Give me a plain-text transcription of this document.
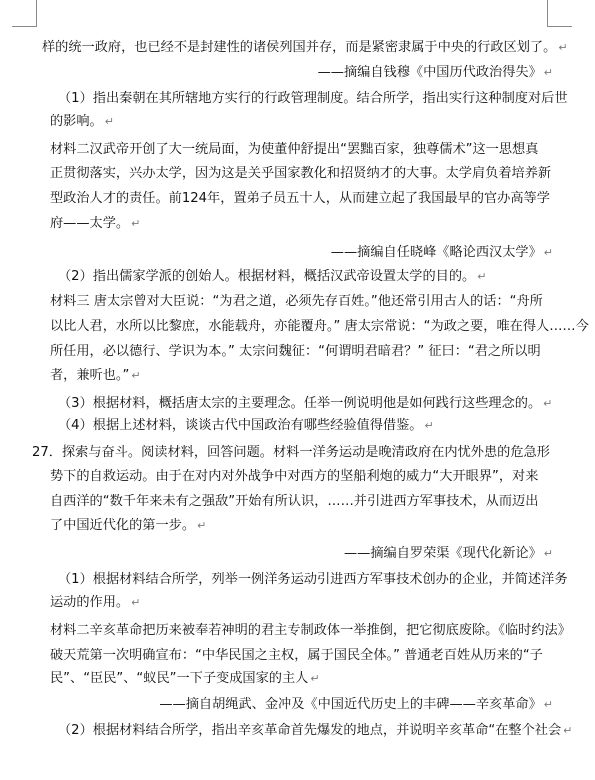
样的统一政府，也已经不是封建性的诸侯列国并存，而是紧密隶属于中央的行政区划了。 ↵
——摘编自钱穆《中国历代政治得失》 ↵
（1）指出秦朝在其所辖地方实行的行政管理制度。结合所学，指出实行这种制度对后世
的影响。 ↵
材料二汉武帝开创了大一统局面，为使董仲舒提出“罢黜百家，独尊儒术”这一思想真
正贯彻落实，兴办太学，因为这是关乎国家教化和招贤纳才的大事。太学肩负着培养新
型政治人才的责任。前124年，置弟子员五十人，从而建立起了我国最早的官办高等学
府——太学。 ↵
——摘编自任晓峰《略论西汉太学》 ↵
（2）指出儒家学派的创始人。根据材料，概括汉武帝设置太学的目的。 ↵
材料三 唐太宗曾对大臣说：“为君之道，必须先存百姓。”他还常引用古人的话：“舟所
以比人君，水所以比黎庶，水能载舟，亦能覆舟。” 唐太宗常说：“为政之要，唯在得人……今
所任用，必以德行、学识为本。” 太宗问魏征：“何谓明君暗君？” 征曰：“君之所以明
者，兼听也。” ↵
（3）根据材料，概括唐太宗的主要理念。任举一例说明他是如何践行这些理念的。 ↵
（4）根据上述材料，谈谈古代中国政治有哪些经验值得借鉴。 ↵
27．探索与奋斗。阅读材料，回答问题。材料一洋务运动是晚清政府在内忧外患的危急形
势下的自救运动。由于在对内对外战争中对西方的坚船利炮的威力“大开眼界”，对来
自西洋的“数千年来未有之强敌”开始有所认识，……并引进西方军事技术，从而迈出
了中国近代化的第一步。 ↵
——摘编自罗荣渠《现代化新论》 ↵
（1）根据材料结合所学，列举一例洋务运动引进西方军事技术创办的企业，并简述洋务
运动的作用。 ↵
材料二辛亥革命把历来被奉若神明的君主专制政体一举推倒，把它彻底废除。《临时约法》
破天荒第一次明确宣布：“中华民国之主权，属于国民全体。” 普通老百姓从历来的“子
民”、“臣民”、“蚁民”一下子变成国家的主人 ↵
——摘自胡绳武、金冲及《中国近代历史上的丰碑——辛亥革命》 ↵
（2）根据材料结合所学，指出辛亥革命首先爆发的地点，并说明辛亥革命“在整个社会 ↵
